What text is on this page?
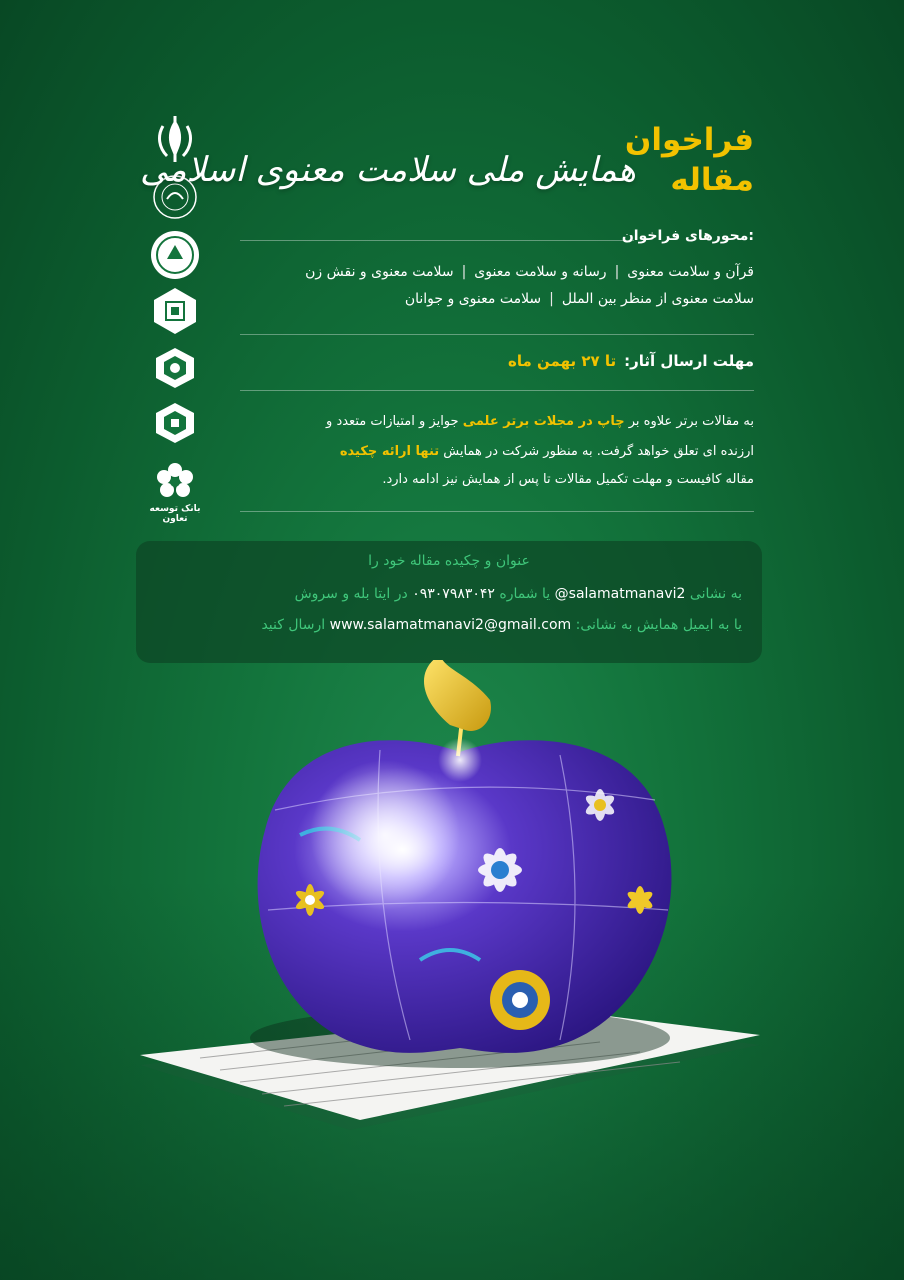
بانک توسعه تعاون
فراخوان
مقاله
همایش ملی سلامت معنوی اسلامی
محورهای فراخوان:
قرآن و سلامت معنوی|رسانه و سلامت معنوی|سلامت معنوی و نقش زن
سلامت معنوی از منظر بین الملل|سلامت معنوی و جوانان
مهلت ارسال آثار:تا ۲۷ بهمن ماه
به مقالات برتر علاوه بر چاپ در مجلات برتر علمی جوایز و امتیازات متعدد و
ارزنده ای تعلق خواهد گرفت. به منظور شرکت در همایش تنها ارائه چکیده
مقاله کافیست و مهلت تکمیل مقالات تا پس از همایش نیز ادامه دارد.
عنوان و چکیده مقاله خود را
به نشانی @salamatmanavi2 یا شماره ۰۹۳۰۷۹۸۳۰۴۲ در ایتا بله و سروش
یا به ایمیل همایش به نشانی: www.salamatmanavi2@gmail.com ارسال کنید
